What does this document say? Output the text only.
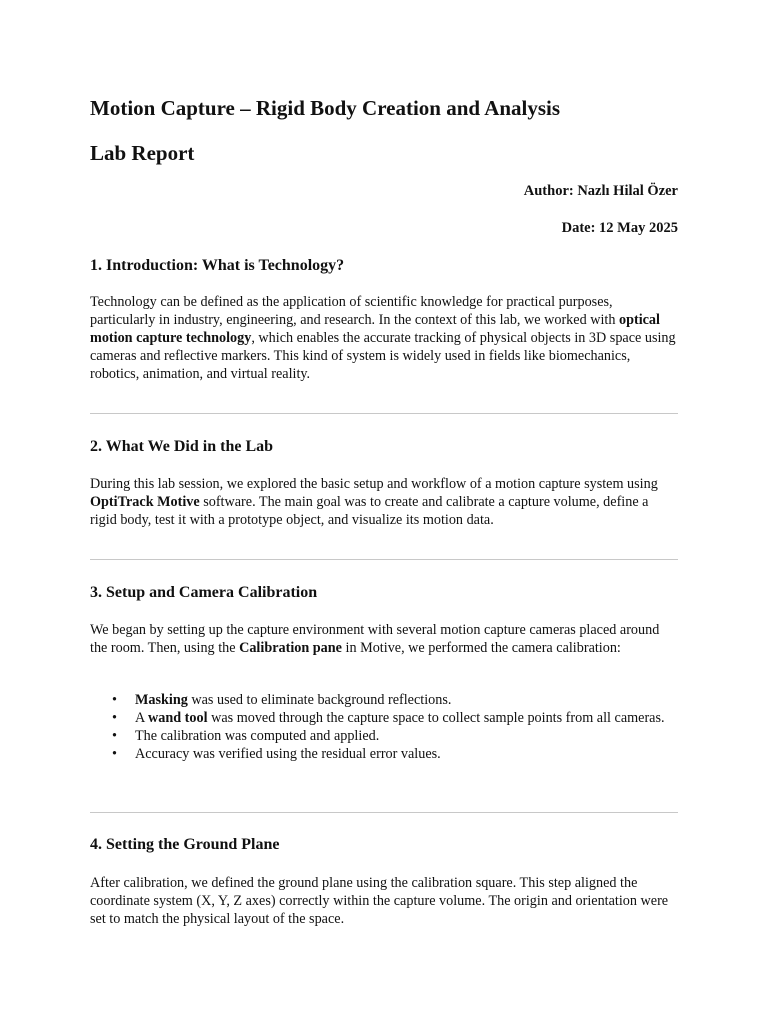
Motion Capture – Rigid Body Creation and Analysis
Lab Report
Author: Nazlı Hilal Özer
Date: 12 May 2025
1. Introduction: What is Technology?

Technology can be defined as the application of scientific knowledge for practical purposes, particularly in industry, engineering, and research. In the context of this lab, we worked with optical motion capture technology, which enables the accurate tracking of physical objects in 3D space using cameras and reflective markers. This kind of system is widely used in fields like biomechanics, robotics, animation, and virtual reality.

2. What We Did in the Lab

During this lab session, we explored the basic setup and workflow of a motion capture system using OptiTrack Motive software. The main goal was to create and calibrate a capture volume, define a rigid body, test it with a prototype object, and visualize its motion data.

3. Setup and Camera Calibration

We began by setting up the capture environment with several motion capture cameras placed around the room. Then, using the Calibration pane in Motive, we performed the camera calibration:

• Masking was used to eliminate background reflections.
• A wand tool was moved through the capture space to collect sample points from all cameras.
• The calibration was computed and applied.
• Accuracy was verified using the residual error values.
4. Setting the Ground Plane

After calibration, we defined the ground plane using the calibration square. This step aligned the coordinate system (X, Y, Z axes) correctly within the capture volume. The origin and orientation were set to match the physical layout of the space.
